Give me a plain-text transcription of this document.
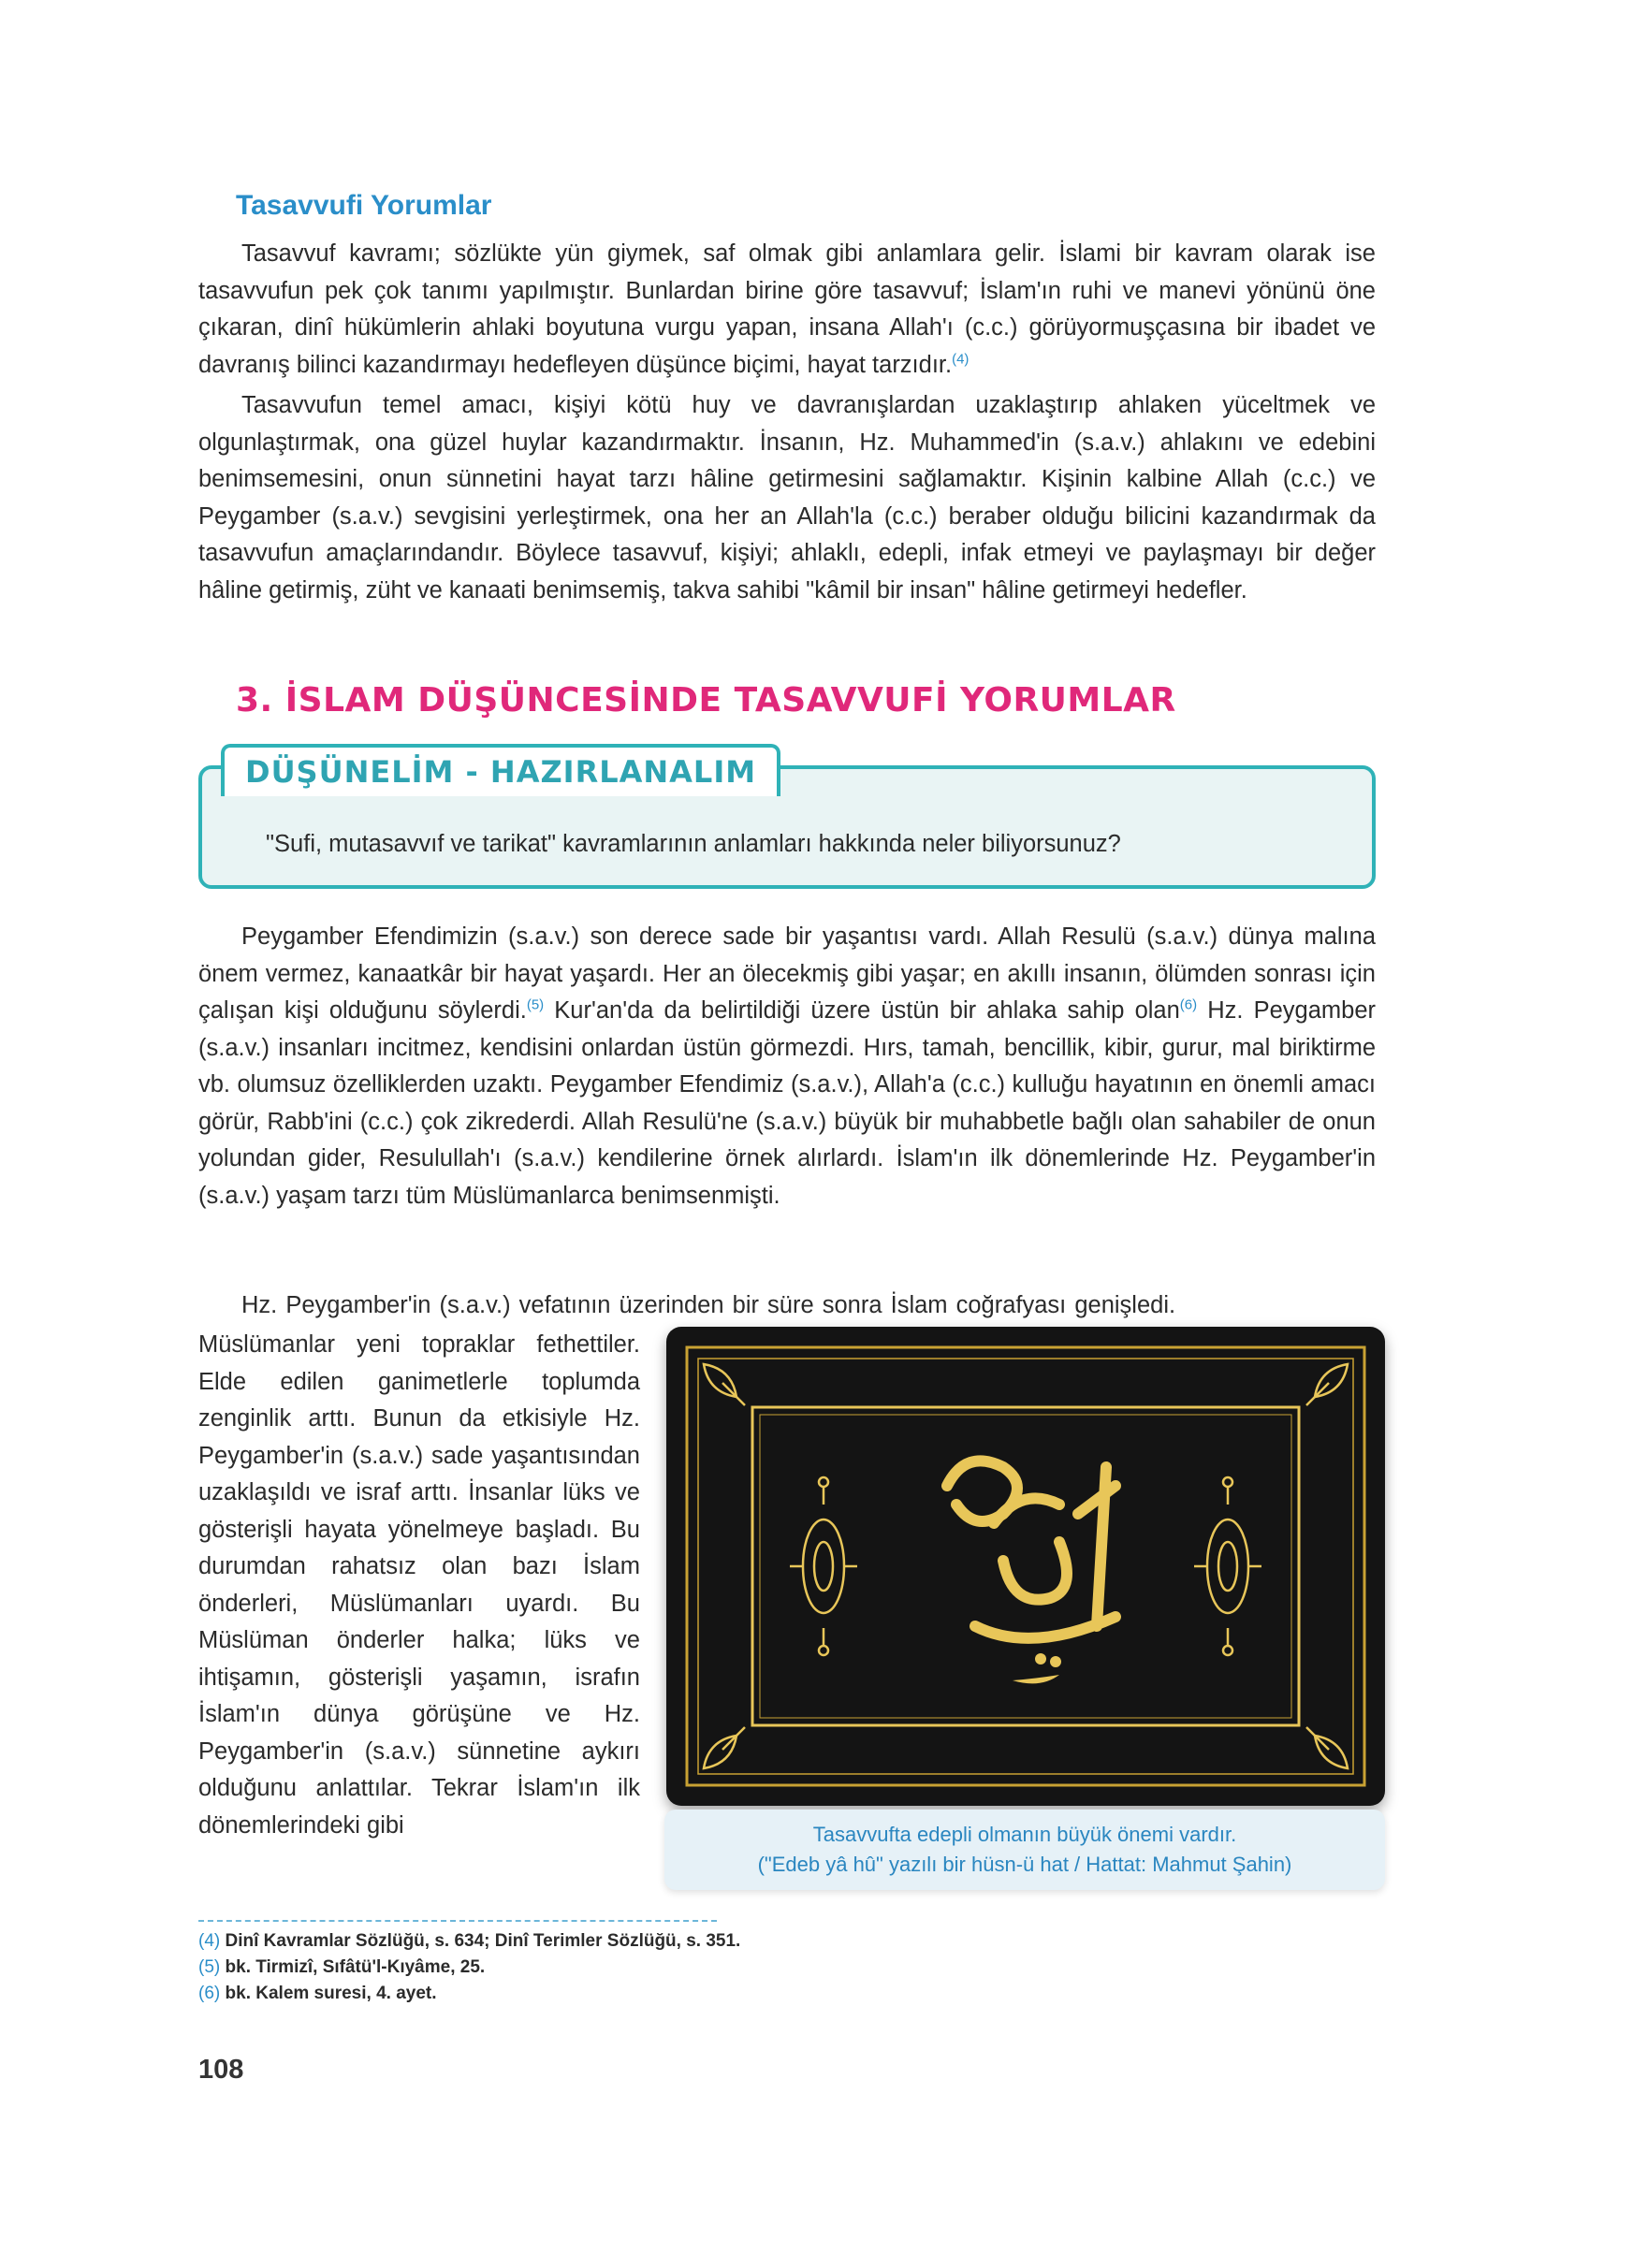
Tasavvufi Yorumlar

Tasavvuf kavramı; sözlükte yün giymek, saf olmak gibi anlamlara gelir. İslami bir kavram olarak ise tasavvufun pek çok tanımı yapılmıştır. Bunlardan birine göre tasavvuf; İslam'ın ruhi ve manevi yönünü öne çıkaran, dinî hükümlerin ahlaki boyutuna vurgu yapan, insana Allah'ı (c.c.) görüyormuşçasına bir ibadet ve davranış bilinci kazandırmayı hedefleyen düşünce biçimi, hayat tarzıdır.$^{(4)}$

Tasavvufun temel amacı, kişiyi kötü huy ve davranışlardan uzaklaştırıp ahlaken yüceltmek ve olgunlaştırmak, ona güzel huylar kazandırmaktır. İnsanın, Hz. Muhammed'in (s.a.v.) ahlakını ve edebini benimsemesini, onun sünnetini hayat tarzı hâline getirmesini sağlamaktır. Kişinin kalbine Allah (c.c.) ve Peygamber (s.a.v.) sevgisini yerleştirmek, ona her an Allah'la (c.c.) beraber olduğu bilicini kazandırmak da tasavvufun amaçlarındandır. Böylece tasavvuf, kişiyi; ahlaklı, edepli, infak etmeyi ve paylaşmayı bir değer hâline getirmiş, züht ve kanaati benimsemiş, takva sahibi "kâmil bir insan" hâline getirmeyi hedefler.

3. İSLAM DÜŞÜNCESİNDE TASAVVUFİ YORUMLAR
DÜŞÜNELİM - HAZIRLANALIM

"Sufi, mutasavvıf ve tarikat" kavramlarının anlamları hakkında neler biliyorsunuz?

Peygamber Efendimizin (s.a.v.) son derece sade bir yaşantısı vardı. Allah Resulü (s.a.v.) dünya malına önem vermez, kanaatkâr bir hayat yaşardı. Her an ölecekmiş gibi yaşar; en akıllı insanın, ölümden sonrası için çalışan kişi olduğunu söylerdi.$^{(5)}$ Kur'an'da da belirtildiği üzere üstün bir ahlaka sahip olan$^{(6)}$ Hz. Peygamber (s.a.v.) insanları incitmez, kendisini onlardan üstün görmezdi. Hırs, tamah, bencillik, kibir, gurur, mal biriktirme vb. olumsuz özelliklerden uzaktı. Peygamber Efendimiz (s.a.v.), Allah'a (c.c.) kulluğu hayatının en önemli amacı görür, Rabb'ini (c.c.) çok zikrederdi. Allah Resulü'ne (s.a.v.) büyük bir muhabbetle bağlı olan sahabiler de onun yolundan gider, Resulullah'ı (s.a.v.) kendilerine örnek alırlardı. İslam'ın ilk dönemlerinde Hz. Peygamber'in (s.a.v.) yaşam tarzı tüm Müslümanlarca benimsenmişti.

Hz. Peygamber'in (s.a.v.) vefatının üzerinden bir süre sonra İslam coğrafyası genişledi.

Müslümanlar yeni topraklar fethettiler. Elde edilen ganimetlerle toplumda zenginlik arttı. Bunun da etkisiyle Hz. Peygamber'in (s.a.v.) sade yaşantısından uzaklaşıldı ve israf arttı. İnsanlar lüks ve gösterişli hayata yönelmeye başladı. Bu durumdan rahatsız olan bazı İslam önderleri, Müslümanları uyardı. Bu Müslüman önderler halka; lüks ve ihtişamın, gösterişli yaşamın, israfın İslam'ın dünya görüşüne ve Hz. Peygamber'in (s.a.v.) sünnetine aykırı olduğunu anlattılar. Tekrar İslam'ın ilk dönemlerindeki gibi	Tasavvufta edepli olmanın büyük önemi vardır.
("Edeb yâ hû" yazılı bir hüsn-ü hat / Hattat: Mahmut Şahin)

(4) Dinî Kavramlar Sözlüğü, s. 634; Dinî Terimler Sözlüğü, s. 351.

(5) bk. Tirmizî, Sıfâtü'l-Kıyâme, 25.

(6) bk. Kalem suresi, 4. ayet.

108
